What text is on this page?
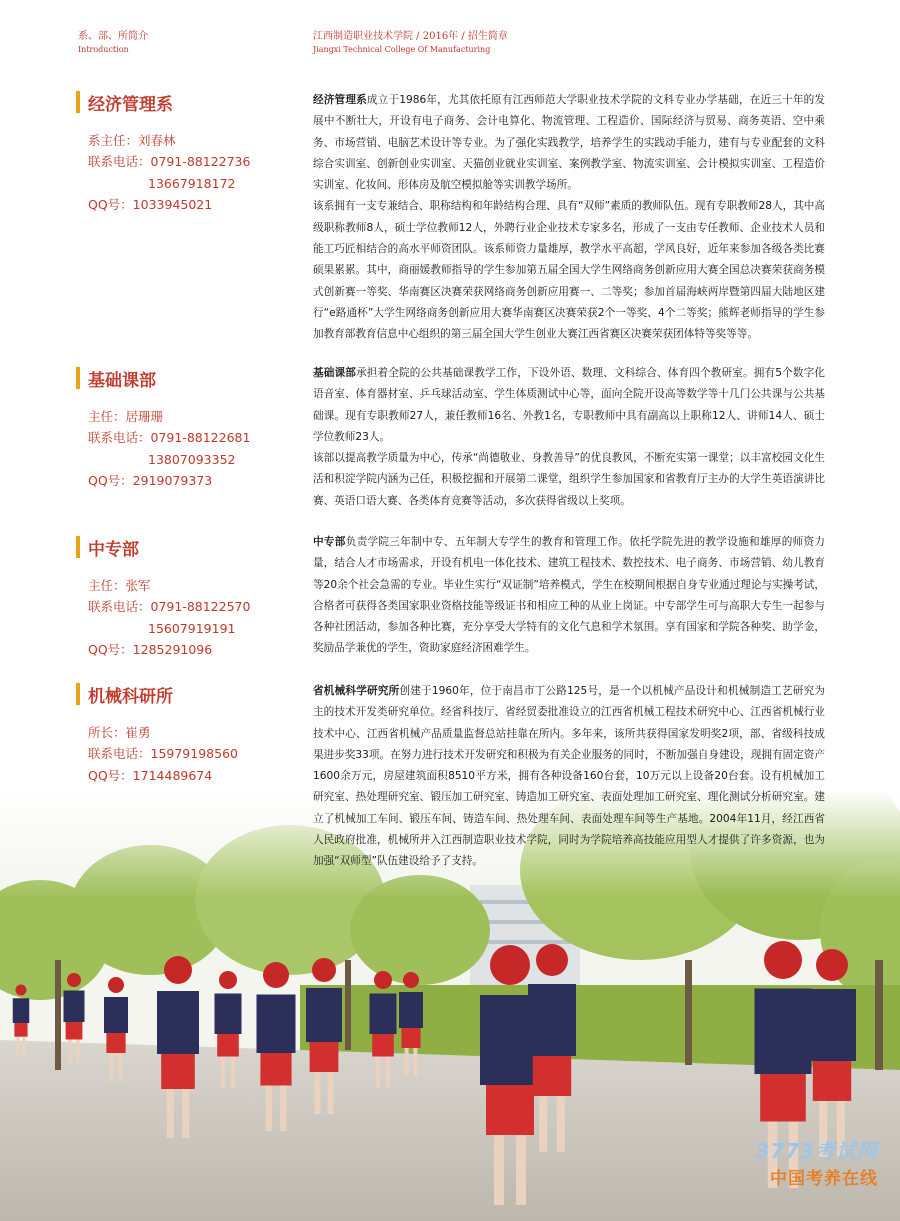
系、部、所简介
Introduction
江西制造职业技术学院 / 2016年 / 招生简章
Jiangxi Technical College Of Manufacturing
经济管理系
系主任：刘春林
联系电话：0791-88122736
13667918172
QQ号：1033945021

经济管理系成立于1986年，尤其依托原有江西师范大学职业技术学院的文科专业办学基础，在近三十年的发展中不断壮大，开设有电子商务、会计电算化、物流管理、工程造价、国际经济与贸易、商务英语、空中乘务、市场营销、电脑艺术设计等专业。为了强化实践教学，培养学生的实践动手能力，建有与专业配套的文科综合实训室、创新创业实训室、天猫创业就业实训室、案例教学室、物流实训室、会计模拟实训室、工程造价实训室、化妆间、形体房及航空模拟舱等实训教学场所。

该系拥有一支专兼结合、职称结构和年龄结构合理、具有“双师”素质的教师队伍。现有专职教师28人，其中高级职称教师8人，硕士学位教师12人，外聘行业企业技术专家多名，形成了一支由专任教师、企业技术人员和能工巧匠相结合的高水平师资团队。该系师资力量雄厚，教学水平高超，学风良好，近年来参加各级各类比赛硕果累累。其中，商丽媛教师指导的学生参加第五届全国大学生网络商务创新应用大赛全国总决赛荣获商务模式创新赛一等奖、华南赛区决赛荣获网络商务创新应用赛一、二等奖；参加首届海峡两岸暨第四届大陆地区建行“e路通杯”大学生网络商务创新应用大赛华南赛区决赛荣获2个一等奖、4个二等奖；熊辉老师指导的学生参加教育部教育信息中心组织的第三届全国大学生创业大赛江西省赛区决赛荣获团体特等奖等等。

基础课部
主任：居珊珊
联系电话：0791-88122681
13807093352
QQ号：2919079373

基础课部承担着全院的公共基础课教学工作，下设外语、数理、文科综合、体育四个教研室。拥有5个数字化语音室、体育器材室、乒乓球活动室、学生体质测试中心等，面向全院开设高等数学等十几门公共课与公共基础课。现有专职教师27人，兼任教师16名、外教1名，专职教师中具有副高以上职称12人、讲师14人、硕士学位教师23人。

该部以提高教学质量为中心，传承“尚德敬业、身教善导”的优良教风，不断充实第一课堂；以丰富校园文化生活和积淀学院内涵为己任，积极挖掘和开展第二课堂，组织学生参加国家和省教育厅主办的大学生英语演讲比赛、英语口语大赛、各类体育竞赛等活动，多次获得省级以上奖项。

中专部
主任：张军
联系电话：0791-88122570
15607919191
QQ号：1285291096

中专部负责学院三年制中专、五年制大专学生的教育和管理工作。依托学院先进的教学设施和雄厚的师资力量，结合人才市场需求，开设有机电一体化技术、建筑工程技术、数控技术、电子商务、市场营销、幼儿教育等20余个社会急需的专业。毕业生实行“双证制”培养模式，学生在校期间根据自身专业通过理论与实操考试，合格者可获得各类国家职业资格技能等级证书和相应工种的从业上岗证。中专部学生可与高职大专生一起参与各种社团活动，参加各种比赛，充分享受大学特有的文化气息和学术氛围。享有国家和学院各种奖、助学金，奖励品学兼优的学生，资助家庭经济困难学生。

机械科研所
所长：崔勇
联系电话：15979198560
QQ号：1714489674

省机械科学研究所创建于1960年，位于南昌市丁公路125号，是一个以机械产品设计和机械制造工艺研究为主的技术开发类研究单位。经省科技厅、省经贸委批准设立的江西省机械工程技术研究中心、江西省机械行业技术中心、江西省机械产品质量监督总站挂靠在所内。多年来，该所共获得国家发明奖2项，部、省级科技成果进步奖33项。在努力进行技术开发研究和积极为有关企业服务的同时，不断加强自身建设，现拥有固定资产1600余万元，房屋建筑面积8510平方米，拥有各种设备160台套，10万元以上设备20台套。设有机械加工研究室、热处理研究室、锻压加工研究室、铸造加工研究室、表面处理加工研究室、理化测试分析研究室。建立了机械加工车间、锻压车间、铸造车间、热处理车间、表面处理车间等生产基地。2004年11月，经江西省人民政府批准，机械所并入江西制造职业技术学院，同时为学院培养高技能应用型人才提供了许多资源，也为加强“双师型”队伍建设给予了支持。

3773考试网
中国考养在线
